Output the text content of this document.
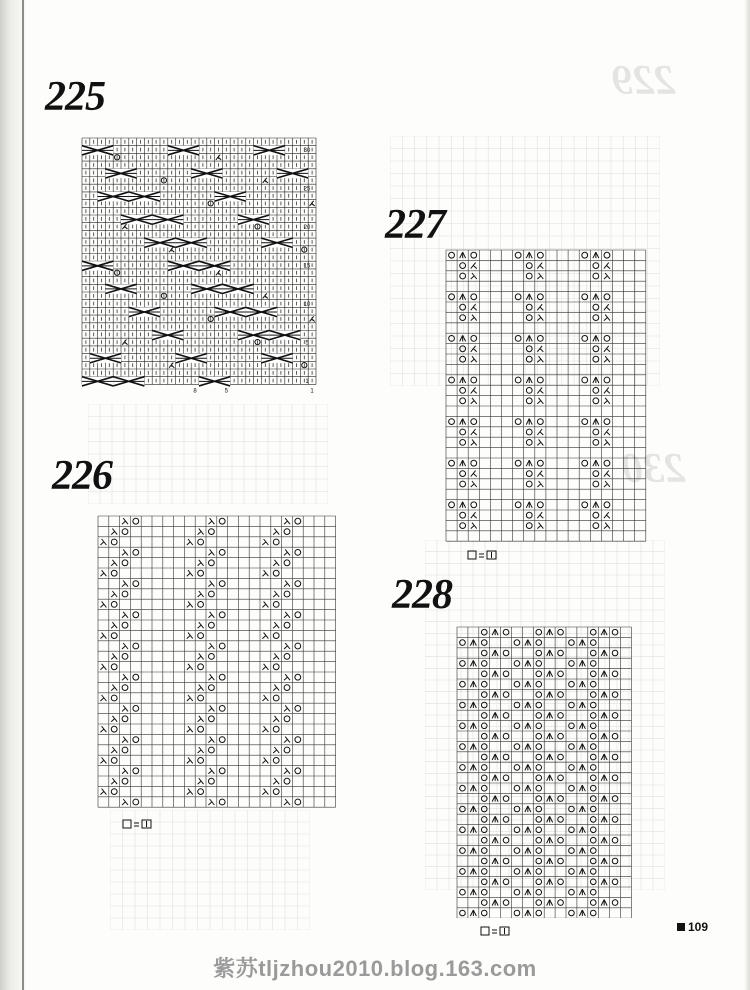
229
230
225
30
25
20
15
10
5
1
8	5	1
226
227
228
109
紫苏tljzhou2010.blog.163.com
